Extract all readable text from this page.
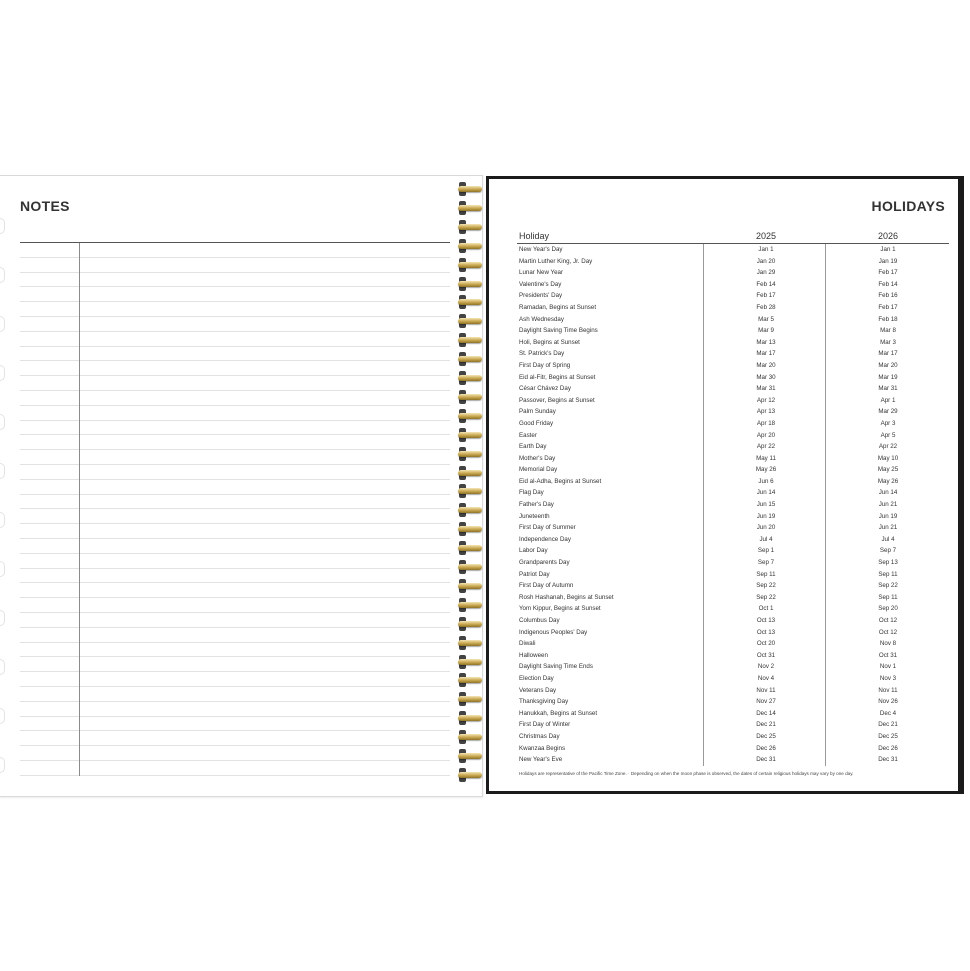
NOTES	HOLIDAYS
Holiday	2025	2026
New Year's Day	Jan 1	Jan 1
Martin Luther King, Jr. Day	Jan 20	Jan 19
Lunar New Year	Jan 29	Feb 17
Valentine's Day	Feb 14	Feb 14
Presidents' Day	Feb 17	Feb 16
Ramadan, Begins at Sunset	Feb 28	Feb 17
Ash Wednesday	Mar 5	Feb 18
Daylight Saving Time Begins	Mar 9	Mar 8
Holi, Begins at Sunset	Mar 13	Mar 3
St. Patrick's Day	Mar 17	Mar 17
First Day of Spring	Mar 20	Mar 20
Eid al-Fitr, Begins at Sunset	Mar 30	Mar 19
César Chávez Day	Mar 31	Mar 31
Passover, Begins at Sunset	Apr 12	Apr 1
Palm Sunday	Apr 13	Mar 29
Good Friday	Apr 18	Apr 3
Easter	Apr 20	Apr 5
Earth Day	Apr 22	Apr 22
Mother's Day	May 11	May 10
Memorial Day	May 26	May 25
Eid al-Adha, Begins at Sunset	Jun 6	May 26
Flag Day	Jun 14	Jun 14
Father's Day	Jun 15	Jun 21
Juneteenth	Jun 19	Jun 19
First Day of Summer	Jun 20	Jun 21
Independence Day	Jul 4	Jul 4
Labor Day	Sep 1	Sep 7
Grandparents Day	Sep 7	Sep 13
Patriot Day	Sep 11	Sep 11
First Day of Autumn	Sep 22	Sep 22
Rosh Hashanah, Begins at Sunset	Sep 22	Sep 11
Yom Kippur, Begins at Sunset	Oct 1	Sep 20
Columbus Day	Oct 13	Oct 12
Indigenous Peoples' Day	Oct 13	Oct 12
Diwali	Oct 20	Nov 8
Halloween	Oct 31	Oct 31
Daylight Saving Time Ends	Nov 2	Nov 1
Election Day	Nov 4	Nov 3
Veterans Day	Nov 11	Nov 11
Thanksgiving Day	Nov 27	Nov 26
Hanukkah, Begins at Sunset	Dec 14	Dec 4
First Day of Winter	Dec 21	Dec 21
Christmas Day	Dec 25	Dec 25
Kwanzaa Begins	Dec 26	Dec 26
New Year's Eve	Dec 31	Dec 31
Holidays are representative of the Pacific Time Zone. · Depending on when the moon phase is observed, the dates of certain religious holidays may vary by one day.
